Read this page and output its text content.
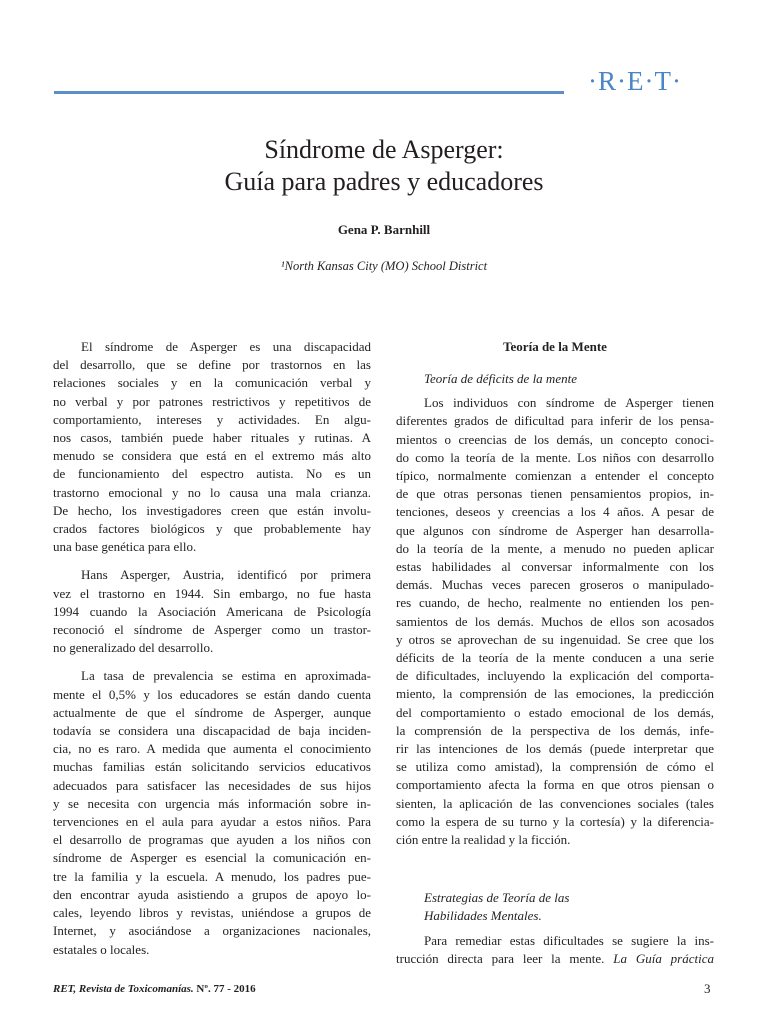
·R·E·T·
Síndrome de Asperger:
Guía para padres y educadores
Gena P. Barnhill
¹North Kansas City (MO) School District

El síndrome de Asperger es una discapacidad
del desarrollo, que se define por trastornos en las
relaciones sociales y en la comunicación verbal y
no verbal y por patrones restrictivos y repetitivos de
comportamiento, intereses y actividades. En algu-
nos casos, también puede haber rituales y rutinas. A
menudo se considera que está en el extremo más alto
de funcionamiento del espectro autista. No es un
trastorno emocional y no lo causa una mala crianza.
De hecho, los investigadores creen que están involu-
crados factores biológicos y que probablemente hay
una base genética para ello.

Hans Asperger, Austria, identificó por primera
vez el trastorno en 1944. Sin embargo, no fue hasta
1994 cuando la Asociación Americana de Psicología
reconoció el síndrome de Asperger como un trastor-
no generalizado del desarrollo.

La tasa de prevalencia se estima en aproximada-
mente el 0,5% y los educadores se están dando cuenta
actualmente de que el síndrome de Asperger, aunque
todavía se considera una discapacidad de baja inciden-
cia, no es raro. A medida que aumenta el conocimiento
muchas familias están solicitando servicios educativos
adecuados para satisfacer las necesidades de sus hijos
y se necesita con urgencia más información sobre in-
tervenciones en el aula para ayudar a estos niños. Para
el desarrollo de programas que ayuden a los niños con
síndrome de Asperger es esencial la comunicación en-
tre la familia y la escuela. A menudo, los padres pue-
den encontrar ayuda asistiendo a grupos de apoyo lo-
cales, leyendo libros y revistas, uniéndose a grupos de
Internet, y asociándose a organizaciones nacionales,
estatales o locales.

Teoría de la Mente
Teoría de déficits de la mente

Los individuos con síndrome de Asperger tienen
diferentes grados de dificultad para inferir de los pensa-
mientos o creencias de los demás, un concepto conoci-
do como la teoría de la mente. Los niños con desarrollo
típico, normalmente comienzan a entender el concepto
de que otras personas tienen pensamientos propios, in-
tenciones, deseos y creencias a los 4 años. A pesar de
que algunos con síndrome de Asperger han desarrolla-
do la teoría de la mente, a menudo no pueden aplicar
estas habilidades al conversar informalmente con los
demás. Muchas veces parecen groseros o manipulado-
res cuando, de hecho, realmente no entienden los pen-
samientos de los demás. Muchos de ellos son acosados
y otros se aprovechan de su ingenuidad. Se cree que los
déficits de la teoría de la mente conducen a una serie
de dificultades, incluyendo la explicación del comporta-
miento, la comprensión de las emociones, la predicción
del comportamiento o estado emocional de los demás,
la comprensión de la perspectiva de los demás, infe-
rir las intenciones de los demás (puede interpretar que
se utiliza como amistad), la comprensión de cómo el
comportamiento afecta la forma en que otros piensan o
sienten, la aplicación de las convenciones sociales (tales
como la espera de su turno y la cortesía) y la diferencia-
ción entre la realidad y la ficción.

Estrategias de Teoría de las
Habilidades Mentales.

Para remediar estas dificultades se sugiere la ins-
trucción directa para leer la mente. La Guía práctica

RET, Revista de Toxicomanías. Nº. 77 - 2016	3
